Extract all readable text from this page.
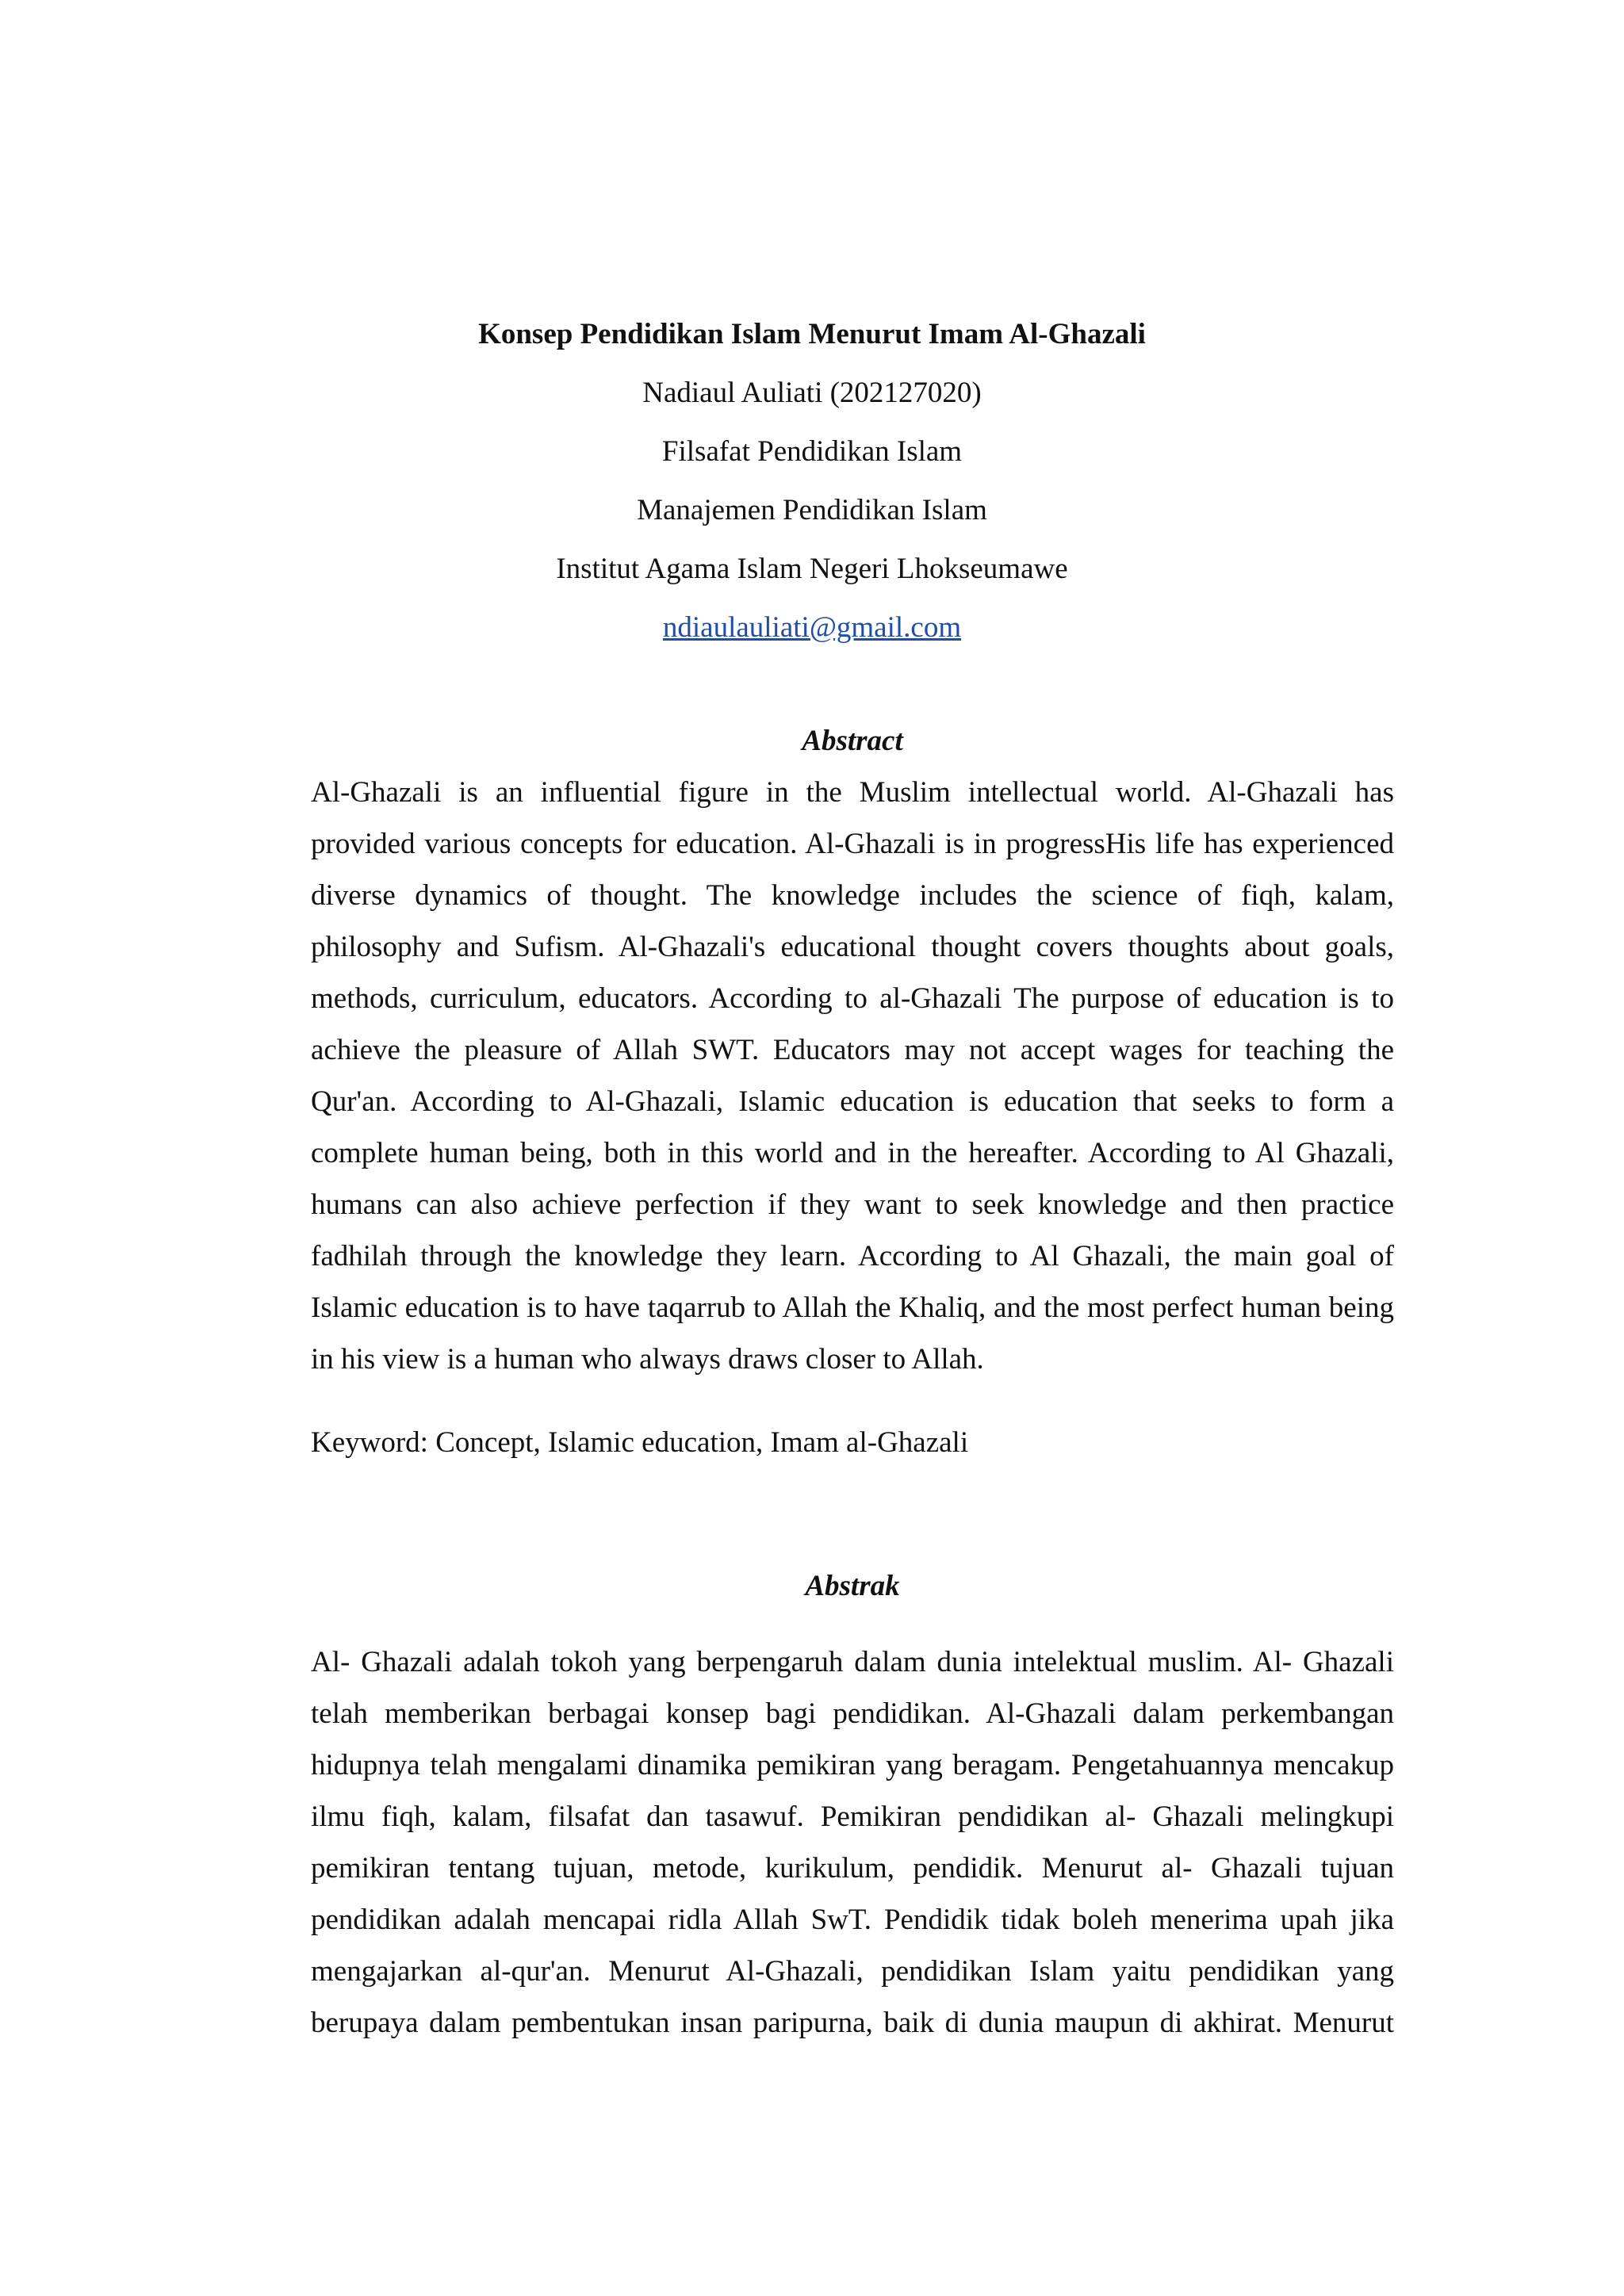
Konsep Pendidikan Islam Menurut Imam Al-Ghazali

Nadiaul Auliati (202127020)

Filsafat Pendidikan Islam

Manajemen Pendidikan Islam

Institut Agama Islam Negeri Lhokseumawe

ndiaulauliati@gmail.com

Abstract

Al-Ghazali is an influential figure in the Muslim intellectual world. Al-Ghazali has
provided various concepts for education. Al-Ghazali is in progressHis life has experienced
diverse dynamics of thought. The knowledge includes the science of fiqh, kalam,
philosophy and Sufism. Al-Ghazali's educational thought covers thoughts about goals,
methods, curriculum, educators. According to al-Ghazali The purpose of education is to
achieve the pleasure of Allah SWT. Educators may not accept wages for teaching the
Qur'an. According to Al-Ghazali, Islamic education is education that seeks to form a
complete human being, both in this world and in the hereafter. According to Al Ghazali,
humans can also achieve perfection if they want to seek knowledge and then practice
fadhilah through the knowledge they learn. According to Al Ghazali, the main goal of
Islamic education is to have taqarrub to Allah the Khaliq, and the most perfect human being
in his view is a human who always draws closer to Allah.

Keyword: Concept, Islamic education, Imam al-Ghazali

Abstrak

Al- Ghazali adalah tokoh yang berpengaruh dalam dunia intelektual muslim. Al- Ghazali
telah memberikan berbagai konsep bagi pendidikan. Al-Ghazali dalam perkembangan
hidupnya telah mengalami dinamika pemikiran yang beragam. Pengetahuannya mencakup
ilmu fiqh, kalam, filsafat dan tasawuf. Pemikiran pendidikan al- Ghazali melingkupi
pemikiran tentang tujuan, metode, kurikulum, pendidik. Menurut al- Ghazali tujuan
pendidikan adalah mencapai ridla Allah SwT. Pendidik tidak boleh menerima upah jika
mengajarkan al-qur'an. Menurut Al-Ghazali, pendidikan Islam yaitu pendidikan yang
berupaya dalam pembentukan insan paripurna, baik di dunia maupun di akhirat. Menurut
